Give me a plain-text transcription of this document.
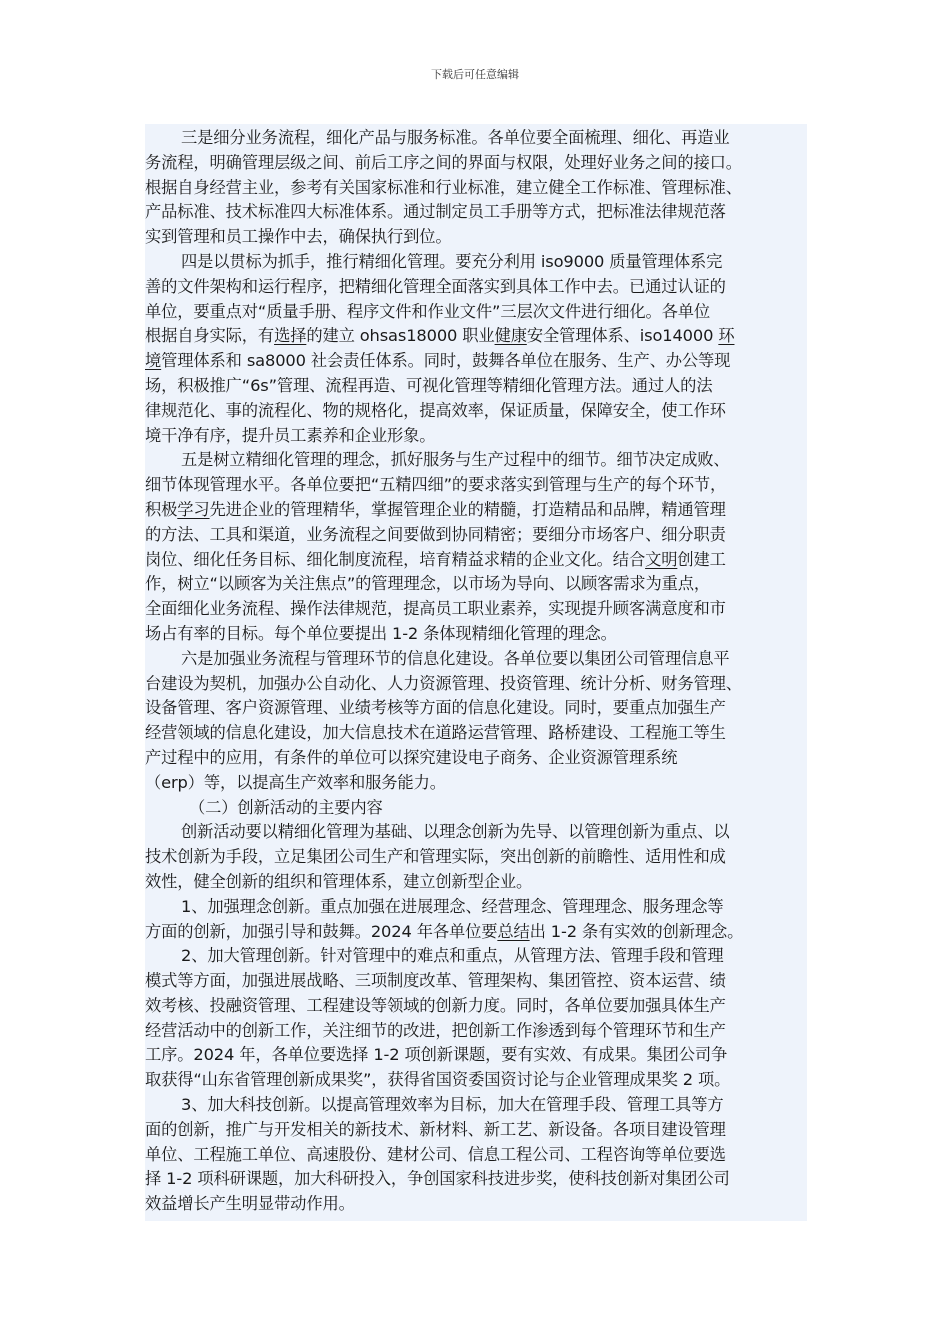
下载后可任意编辑
三是细分业务流程，细化产品与服务标准。各单位要全面梳理、细化、再造业
务流程，明确管理层级之间、前后工序之间的界面与权限，处理好业务之间的接口。
根据自身经营主业，参考有关国家标准和行业标准，建立健全工作标准、管理标准、
产品标准、技术标准四大标准体系。通过制定员工手册等方式，把标准法律规范落
实到管理和员工操作中去，确保执行到位。
四是以贯标为抓手，推行精细化管理。要充分利用 iso9000 质量管理体系完
善的文件架构和运行程序，把精细化管理全面落实到具体工作中去。已通过认证的
单位，要重点对“质量手册、程序文件和作业文件”三层次文件进行细化。各单位
根据自身实际，有选择的建立 ohsas18000 职业健康安全管理体系、iso14000 环
境管理体系和 sa8000 社会责任体系。同时，鼓舞各单位在服务、生产、办公等现
场，积极推广“6s”管理、流程再造、可视化管理等精细化管理方法。通过人的法
律规范化、事的流程化、物的规格化，提高效率，保证质量，保障安全，使工作环
境干净有序，提升员工素养和企业形象。
五是树立精细化管理的理念，抓好服务与生产过程中的细节。细节决定成败、
细节体现管理水平。各单位要把“五精四细”的要求落实到管理与生产的每个环节，
积极学习先进企业的管理精华，掌握管理企业的精髓，打造精品和品牌，精通管理
的方法、工具和渠道，业务流程之间要做到协同精密；要细分市场客户、细分职责
岗位、细化任务目标、细化制度流程，培育精益求精的企业文化。结合文明创建工
作，树立“以顾客为关注焦点”的管理理念，以市场为导向、以顾客需求为重点，
全面细化业务流程、操作法律规范，提高员工职业素养，实现提升顾客满意度和市
场占有率的目标。每个单位要提出 1-2 条体现精细化管理的理念。
六是加强业务流程与管理环节的信息化建设。各单位要以集团公司管理信息平
台建设为契机，加强办公自动化、人力资源管理、投资管理、统计分析、财务管理、
设备管理、客户资源管理、业绩考核等方面的信息化建设。同时，要重点加强生产
经营领域的信息化建设，加大信息技术在道路运营管理、路桥建设、工程施工等生
产过程中的应用，有条件的单位可以探究建设电子商务、企业资源管理系统
（erp）等，以提高生产效率和服务能力。
（二）创新活动的主要内容
创新活动要以精细化管理为基础、以理念创新为先导、以管理创新为重点、以
技术创新为手段，立足集团公司生产和管理实际，突出创新的前瞻性、适用性和成
效性，健全创新的组织和管理体系，建立创新型企业。
1、加强理念创新。重点加强在进展理念、经营理念、管理理念、服务理念等
方面的创新，加强引导和鼓舞。2024 年各单位要总结出 1-2 条有实效的创新理念。
2、加大管理创新。针对管理中的难点和重点，从管理方法、管理手段和管理
模式等方面，加强进展战略、三项制度改革、管理架构、集团管控、资本运营、绩
效考核、投融资管理、工程建设等领域的创新力度。同时，各单位要加强具体生产
经营活动中的创新工作，关注细节的改进，把创新工作渗透到每个管理环节和生产
工序。2024 年，各单位要选择 1-2 项创新课题，要有实效、有成果。集团公司争
取获得“山东省管理创新成果奖”，获得省国资委国资讨论与企业管理成果奖 2 项。
3、加大科技创新。以提高管理效率为目标，加大在管理手段、管理工具等方
面的创新，推广与开发相关的新技术、新材料、新工艺、新设备。各项目建设管理
单位、工程施工单位、高速股份、建材公司、信息工程公司、工程咨询等单位要选
择 1-2 项科研课题，加大科研投入，争创国家科技进步奖，使科技创新对集团公司
效益增长产生明显带动作用。
